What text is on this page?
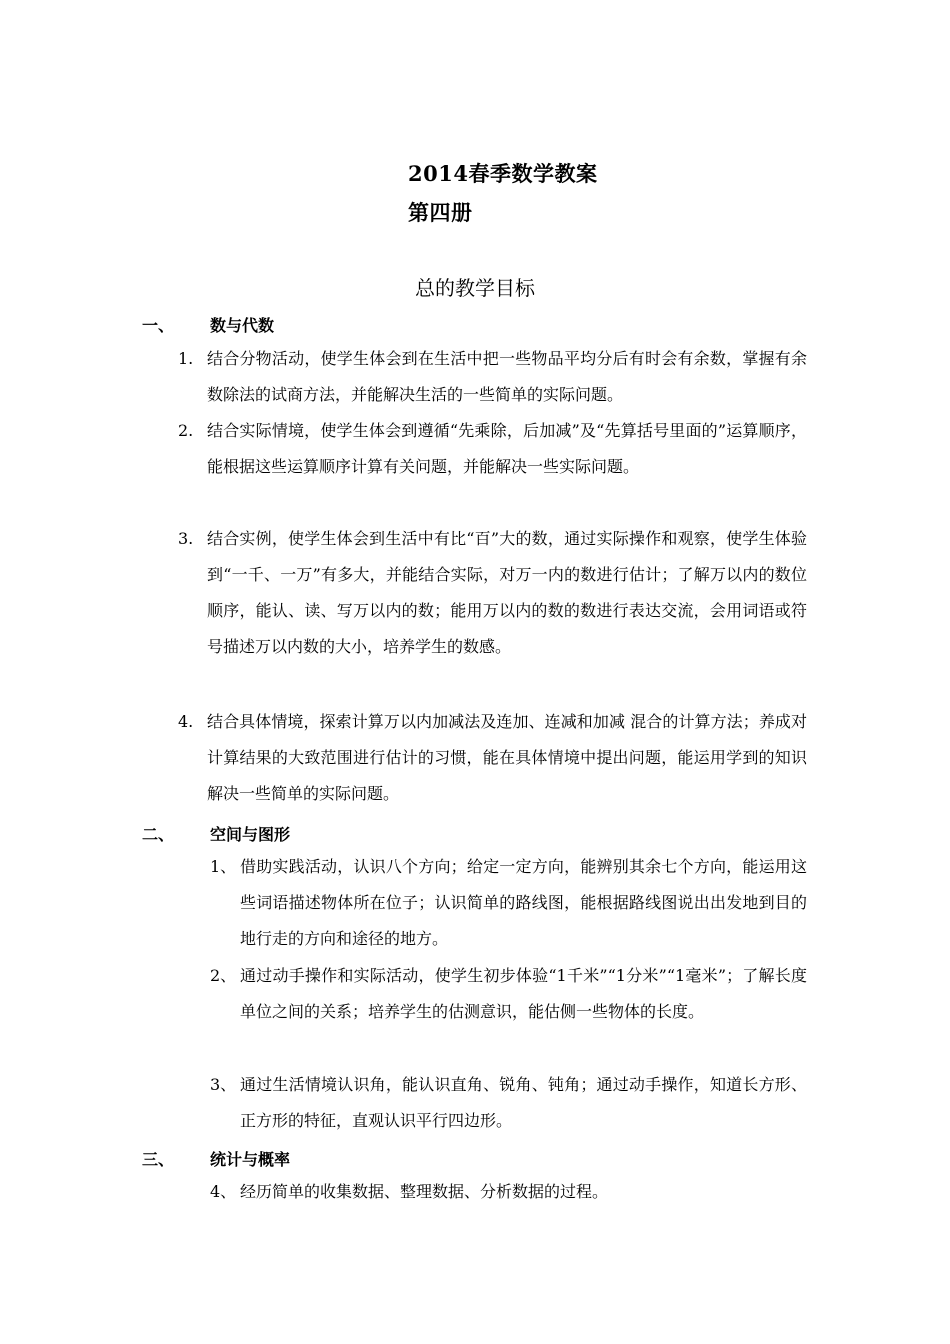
2014春季数学教案
第四册
总的教学目标
一、 数与代数
1. 结合分物活动，使学生体会到在生活中把一些物品平均分后有时会有余数，掌握有余数除法的试商方法，并能解决生活的一些简单的实际问题。
2. 结合实际情境，使学生体会到遵循“先乘除，后加减”及“先算括号里面的”运算顺序，能根据这些运算顺序计算有关问题，并能解决一些实际问题。
3. 结合实例，使学生体会到生活中有比“百”大的数，通过实际操作和观察，使学生体验到“一千、一万”有多大，并能结合实际，对万一内的数进行估计；了解万以内的数位顺序，能认、读、写万以内的数；能用万以内的数的数进行表达交流，会用词语或符号描述万以内数的大小，培养学生的数感。
4. 结合具体情境，探索计算万以内加减法及连加、连减和加减 混合的计算方法；养成对计算结果的大致范围进行估计的习惯，能在具体情境中提出问题，能运用学到的知识解决一些简单的实际问题。
二、 空间与图形
1、 借助实践活动，认识八个方向；给定一定方向，能辨别其余七个方向，能运用这些词语描述物体所在位子；认识简单的路线图，能根据路线图说出出发地到目的地行走的方向和途径的地方。
2、 通过动手操作和实际活动，使学生初步体验“1千米”“1分米”“1毫米”；了解长度单位之间的关系；培养学生的估测意识，能估侧一些物体的长度。
3、 通过生活情境认识角，能认识直角、锐角、钝角；通过动手操作，知道长方形、正方形的特征，直观认识平行四边形。
三、 统计与概率
4、 经历简单的收集数据、整理数据、分析数据的过程。
